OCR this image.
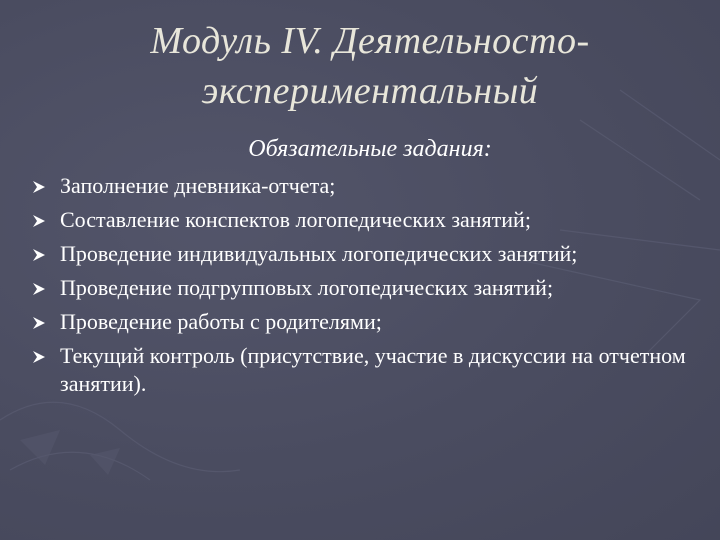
Модуль IV. Деятельносто-экспериментальный

Обязательные задания:

Заполнение дневника-отчета;
Составление конспектов логопедических занятий;
Проведение индивидуальных логопедических занятий;
Проведение подгрупповых логопедических занятий;
Проведение работы с родителями;
Текущий контроль (присутствие, участие в дискуссии на отчетном занятии).
